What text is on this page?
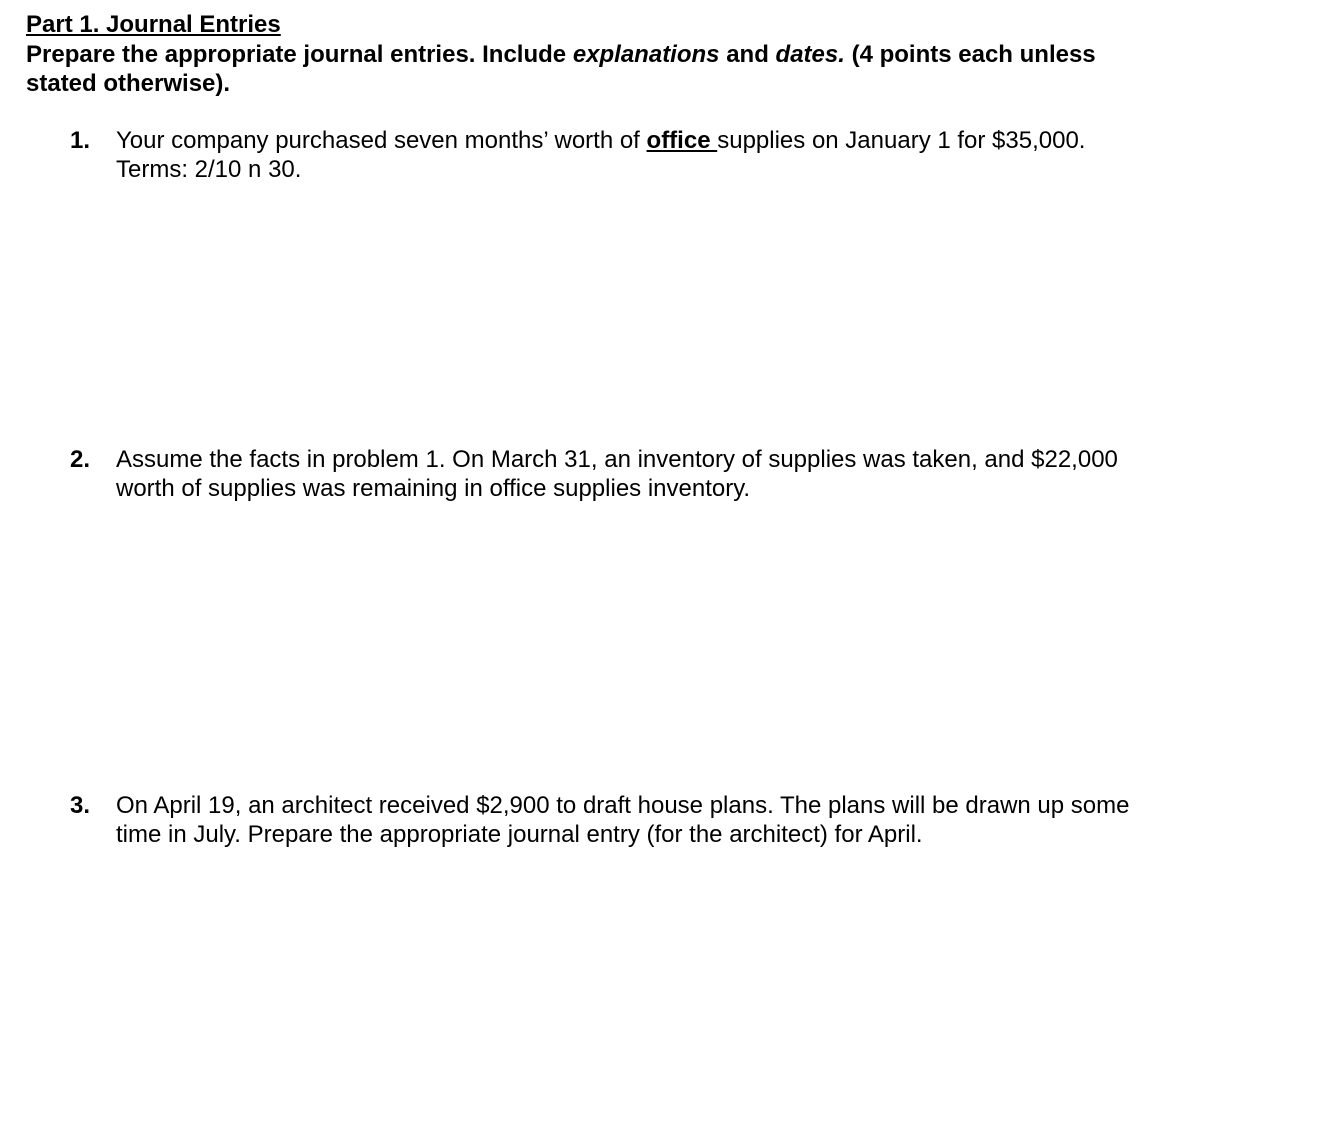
Part 1. Journal Entries
Prepare the appropriate journal entries. Include explanations and dates. (4 points each unless
stated otherwise).
1. Your company purchased seven months’ worth of office supplies on January 1 for $35,000.
Terms: 2/10 n 30.
2. Assume the facts in problem 1. On March 31, an inventory of supplies was taken, and $22,000
worth of supplies was remaining in office supplies inventory.
3. On April 19, an architect received $2,900 to draft house plans. The plans will be drawn up some
time in July. Prepare the appropriate journal entry (for the architect) for April.
